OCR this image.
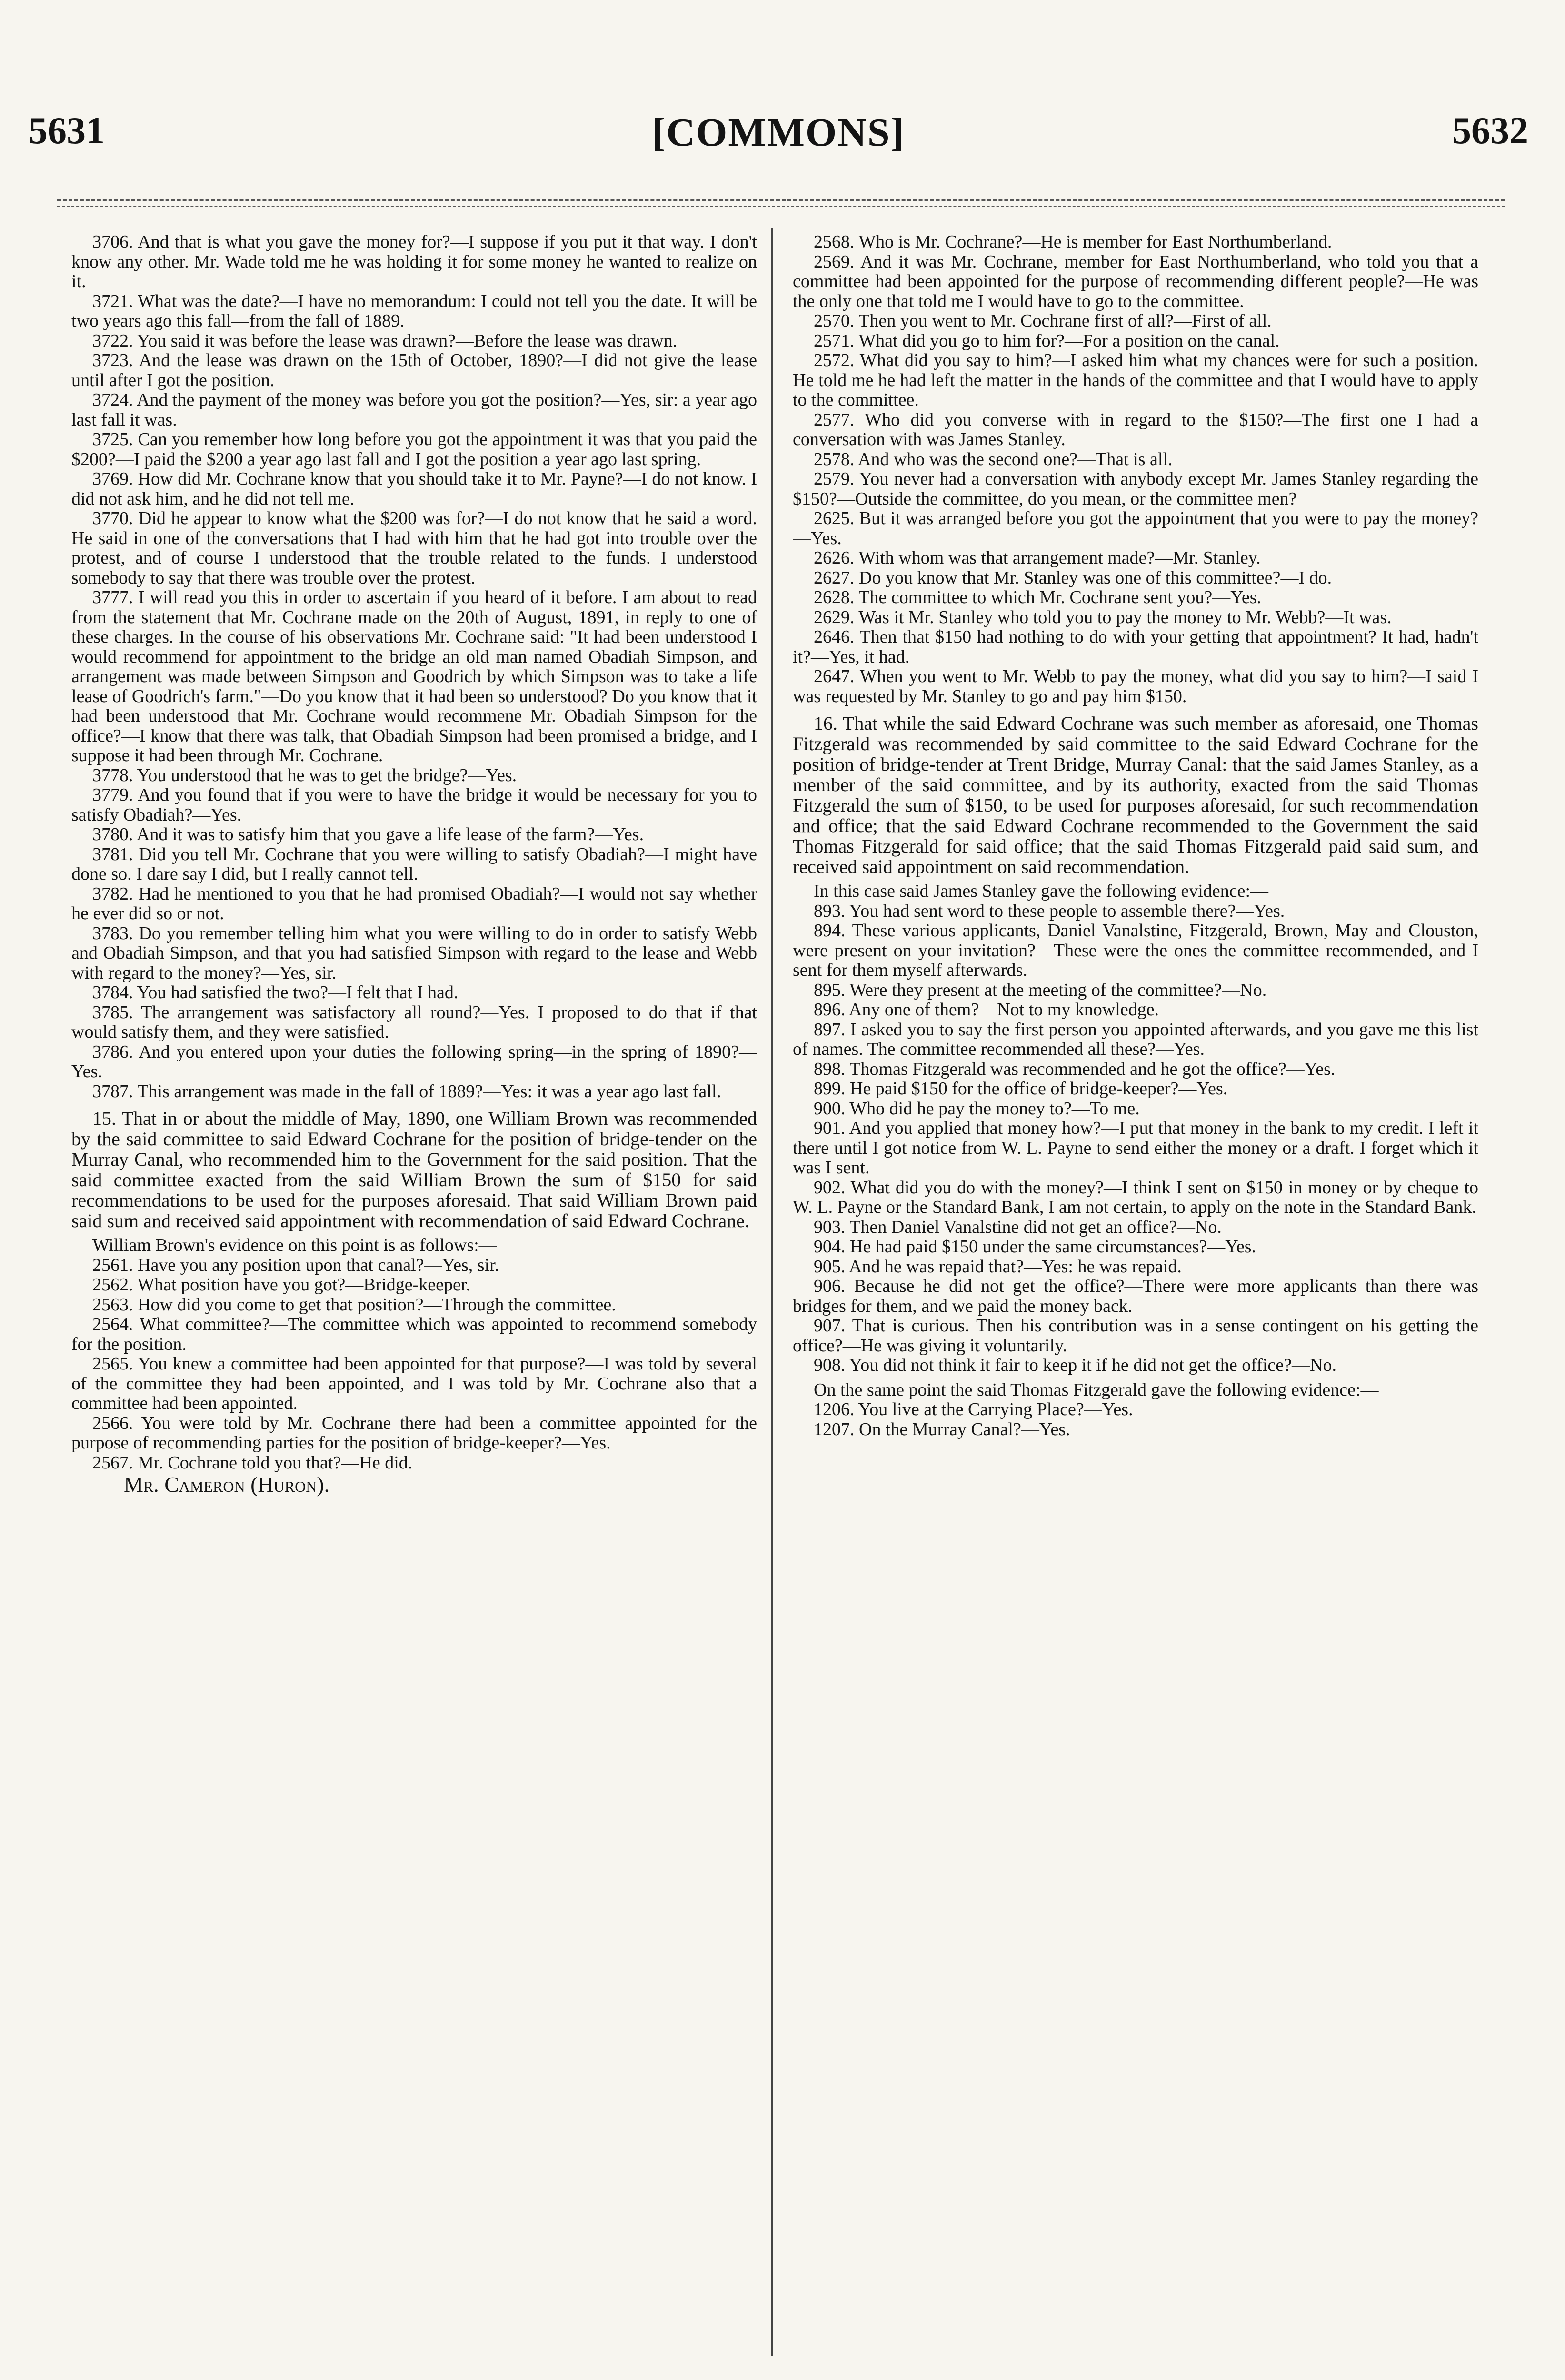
5631	[COMMONS]	5632

3706. And that is what you gave the money for?—I suppose if you put it that way. I don't know any other. Mr. Wade told me he was holding it for some money he wanted to realize on it.

3721. What was the date?—I have no memorandum: I could not tell you the date. It will be two years ago this fall—from the fall of 1889.

3722. You said it was before the lease was drawn?—Before the lease was drawn.

3723. And the lease was drawn on the 15th of October, 1890?—I did not give the lease until after I got the position.

3724. And the payment of the money was before you got the position?—Yes, sir: a year ago last fall it was.

3725. Can you remember how long before you got the appointment it was that you paid the $200?—I paid the $200 a year ago last fall and I got the position a year ago last spring.

3769. How did Mr. Cochrane know that you should take it to Mr. Payne?—I do not know. I did not ask him, and he did not tell me.

3770. Did he appear to know what the $200 was for?—I do not know that he said a word. He said in one of the conversations that I had with him that he had got into trouble over the protest, and of course I understood that the trouble related to the funds. I understood somebody to say that there was trouble over the protest.

3777. I will read you this in order to ascertain if you heard of it before. I am about to read from the statement that Mr. Cochrane made on the 20th of August, 1891, in reply to one of these charges. In the course of his observations Mr. Cochrane said: "It had been understood I would recommend for appointment to the bridge an old man named Obadiah Simpson, and arrangement was made between Simpson and Goodrich by which Simpson was to take a life lease of Goodrich's farm."—Do you know that it had been so understood? Do you know that it had been understood that Mr. Cochrane would recommene Mr. Obadiah Simpson for the office?—I know that there was talk, that Obadiah Simpson had been promised a bridge, and I suppose it had been through Mr. Cochrane.

3778. You understood that he was to get the bridge?—Yes.

3779. And you found that if you were to have the bridge it would be necessary for you to satisfy Obadiah?—Yes.

3780. And it was to satisfy him that you gave a life lease of the farm?—Yes.

3781. Did you tell Mr. Cochrane that you were willing to satisfy Obadiah?—I might have done so. I dare say I did, but I really cannot tell.

3782. Had he mentioned to you that he had promised Obadiah?—I would not say whether he ever did so or not.

3783. Do you remember telling him what you were willing to do in order to satisfy Webb and Obadiah Simpson, and that you had satisfied Simpson with regard to the lease and Webb with regard to the money?—Yes, sir.

3784. You had satisfied the two?—I felt that I had.

3785. The arrangement was satisfactory all round?—Yes. I proposed to do that if that would satisfy them, and they were satisfied.

3786. And you entered upon your duties the following spring—in the spring of 1890?—Yes.

3787. This arrangement was made in the fall of 1889?—Yes: it was a year ago last fall.

15. That in or about the middle of May, 1890, one William Brown was recommended by the said committee to said Edward Cochrane for the position of bridge-tender on the Murray Canal, who recommended him to the Government for the said position. That the said committee exacted from the said William Brown the sum of $150 for said recommendations to be used for the purposes aforesaid. That said William Brown paid said sum and received said appointment with recommendation of said Edward Cochrane.

William Brown's evidence on this point is as follows:—

2561. Have you any position upon that canal?—Yes, sir.

2562. What position have you got?—Bridge-keeper.

2563. How did you come to get that position?—Through the committee.

2564. What committee?—The committee which was appointed to recommend somebody for the position.

2565. You knew a committee had been appointed for that purpose?—I was told by several of the committee they had been appointed, and I was told by Mr. Cochrane also that a committee had been appointed.

2566. You were told by Mr. Cochrane there had been a committee appointed for the purpose of recommending parties for the position of bridge-keeper?—Yes.

2567. Mr. Cochrane told you that?—He did.

Mr. Cameron (Huron).

2568. Who is Mr. Cochrane?—He is member for East Northumberland.

2569. And it was Mr. Cochrane, member for East Northumberland, who told you that a committee had been appointed for the purpose of recommending different people?—He was the only one that told me I would have to go to the committee.

2570. Then you went to Mr. Cochrane first of all?—First of all.

2571. What did you go to him for?—For a position on the canal.

2572. What did you say to him?—I asked him what my chances were for such a position. He told me he had left the matter in the hands of the committee and that I would have to apply to the committee.

2577. Who did you converse with in regard to the $150?—The first one I had a conversation with was James Stanley.

2578. And who was the second one?—That is all.

2579. You never had a conversation with anybody except Mr. James Stanley regarding the $150?—Outside the committee, do you mean, or the committee men?

2625. But it was arranged before you got the appointment that you were to pay the money?—Yes.

2626. With whom was that arrangement made?—Mr. Stanley.

2627. Do you know that Mr. Stanley was one of this committee?—I do.

2628. The committee to which Mr. Cochrane sent you?—Yes.

2629. Was it Mr. Stanley who told you to pay the money to Mr. Webb?—It was.

2646. Then that $150 had nothing to do with your getting that appointment? It had, hadn't it?—Yes, it had.

2647. When you went to Mr. Webb to pay the money, what did you say to him?—I said I was requested by Mr. Stanley to go and pay him $150.

16. That while the said Edward Cochrane was such member as aforesaid, one Thomas Fitzgerald was recommended by said committee to the said Edward Cochrane for the position of bridge-tender at Trent Bridge, Murray Canal: that the said James Stanley, as a member of the said committee, and by its authority, exacted from the said Thomas Fitzgerald the sum of $150, to be used for purposes aforesaid, for such recommendation and office; that the said Edward Cochrane recommended to the Government the said Thomas Fitzgerald for said office; that the said Thomas Fitzgerald paid said sum, and received said appointment on said recommendation.

In this case said James Stanley gave the following evidence:—

893. You had sent word to these people to assemble there?—Yes.

894. These various applicants, Daniel Vanalstine, Fitzgerald, Brown, May and Clouston, were present on your invitation?—These were the ones the committee recommended, and I sent for them myself afterwards.

895. Were they present at the meeting of the committee?—No.

896. Any one of them?—Not to my knowledge.

897. I asked you to say the first person you appointed afterwards, and you gave me this list of names. The committee recommended all these?—Yes.

898. Thomas Fitzgerald was recommended and he got the office?—Yes.

899. He paid $150 for the office of bridge-keeper?—Yes.

900. Who did he pay the money to?—To me.

901. And you applied that money how?—I put that money in the bank to my credit. I left it there until I got notice from W. L. Payne to send either the money or a draft. I forget which it was I sent.

902. What did you do with the money?—I think I sent on $150 in money or by cheque to W. L. Payne or the Standard Bank, I am not certain, to apply on the note in the Standard Bank.

903. Then Daniel Vanalstine did not get an office?—No.

904. He had paid $150 under the same circumstances?—Yes.

905. And he was repaid that?—Yes: he was repaid.

906. Because he did not get the office?—There were more applicants than there was bridges for them, and we paid the money back.

907. That is curious. Then his contribution was in a sense contingent on his getting the office?—He was giving it voluntarily.

908. You did not think it fair to keep it if he did not get the office?—No.

On the same point the said Thomas Fitzgerald gave the following evidence:—

1206. You live at the Carrying Place?—Yes.

1207. On the Murray Canal?—Yes.
